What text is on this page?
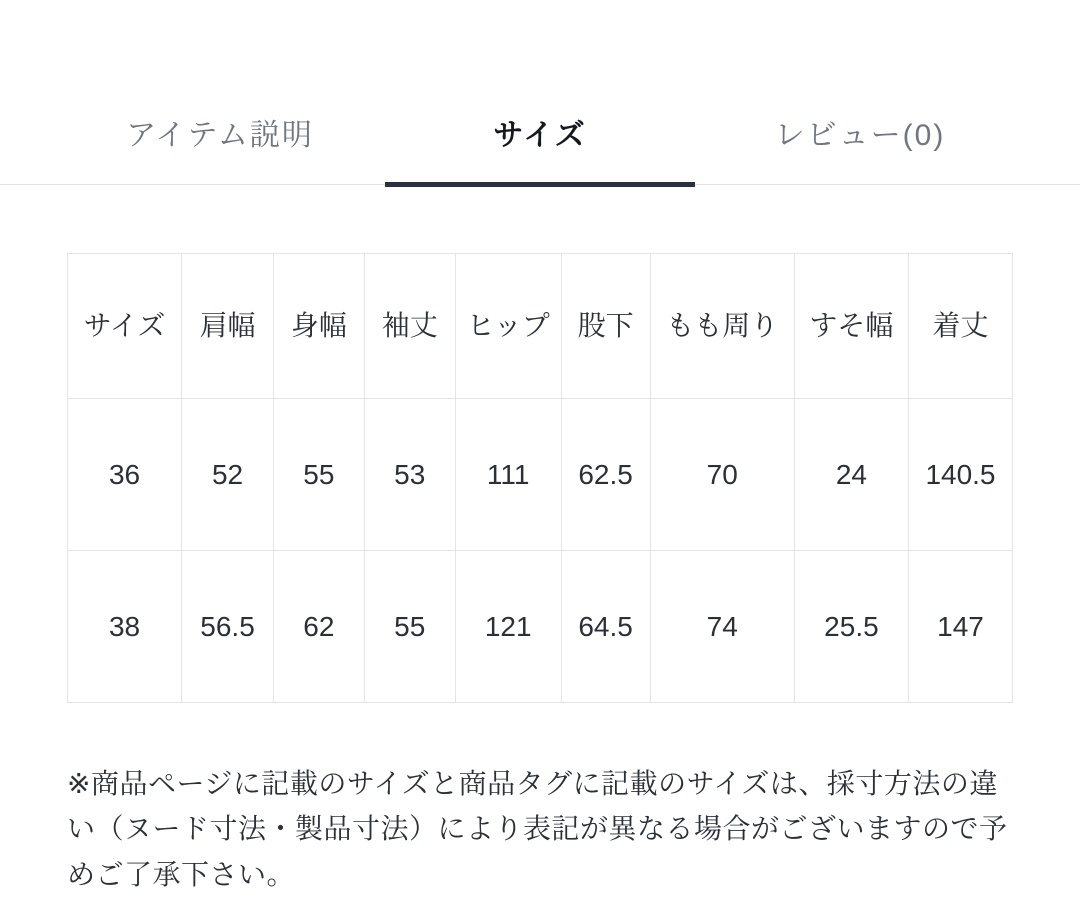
アイテム説明	サイズ	レビュー(0)
サイズ	肩幅	身幅	袖丈	ヒップ	股下	もも周り	すそ幅	着丈
36	52	55	53	111	62.5	70	24	140.5
38	56.5	62	55	121	64.5	74	25.5	147
※商品ページに記載のサイズと商品タグに記載のサイズは、採寸方法の違い（ヌード寸法・製品寸法）により表記が異なる場合がございますので予めご了承下さい。
